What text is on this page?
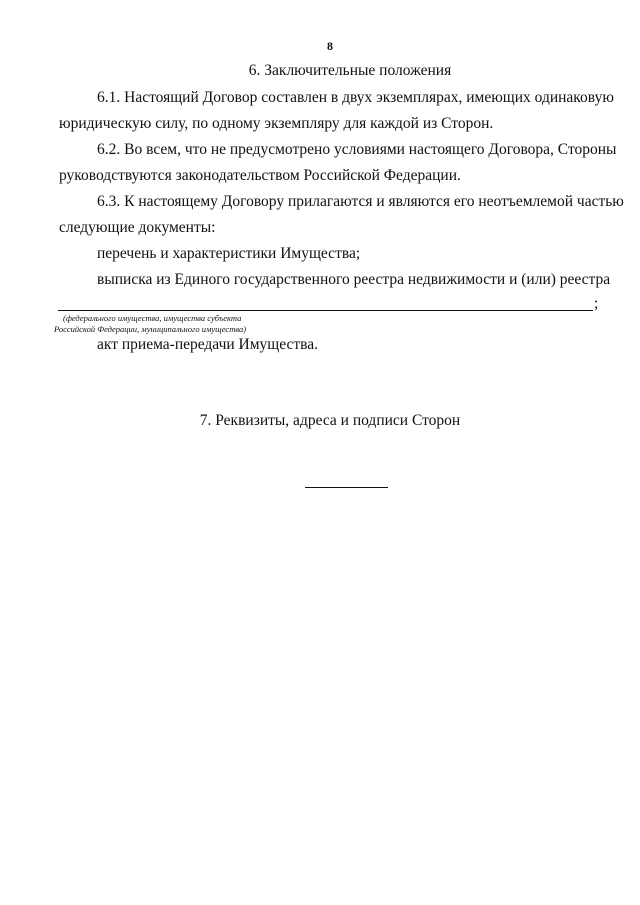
8
6. Заключительные положения
6.1. Настоящий Договор составлен в двух экземплярах, имеющих одинаковую
юридическую силу, по одному экземпляру для каждой из Сторон.
6.2. Во всем, что не предусмотрено условиями настоящего Договора, Стороны
руководствуются законодательством Российской Федерации.
6.3. К настоящему Договору прилагаются и являются его неотъемлемой частью
следующие документы:
перечень и характеристики Имущества;
выписка из Единого государственного реестра недвижимости и (или) реестра
;
(федерального имущества, имущества субъекта
Российской Федерации, муниципального имущества)
акт приема-передачи Имущества.
7. Реквизиты, адреса и подписи Сторон
